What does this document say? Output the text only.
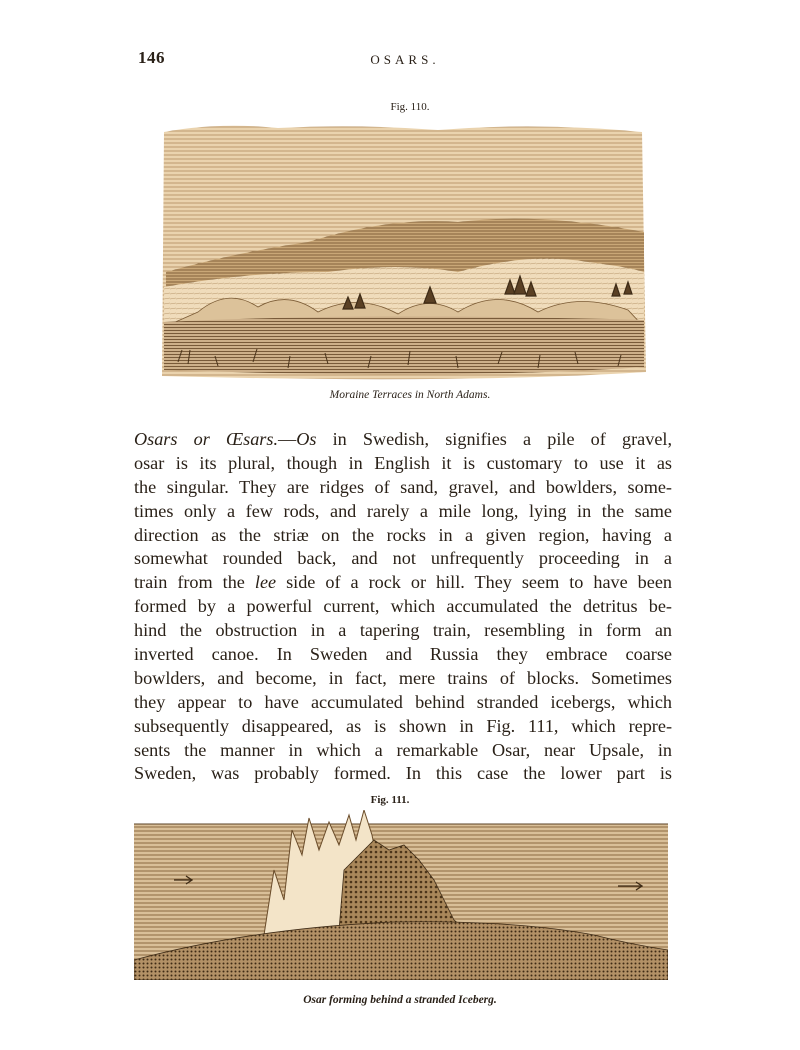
146	OSARS.
Fig. 110.
Moraine Terraces in North Adams.
Osars or Œsars.—Os in Swedish, signifies a pile of gravel,
osar is its plural, though in English it is customary to use it as
the singular. They are ridges of sand, gravel, and bowlders, some-
times only a few rods, and rarely a mile long, lying in the same
direction as the striæ on the rocks in a given region, having a
somewhat rounded back, and not unfrequently proceeding in a
train from the lee side of a rock or hill. They seem to have been
formed by a powerful current, which accumulated the detritus be-
hind the obstruction in a tapering train, resembling in form an
inverted canoe. In Sweden and Russia they embrace coarse
bowlders, and become, in fact, mere trains of blocks. Sometimes
they appear to have accumulated behind stranded icebergs, which
subsequently disappeared, as is shown in Fig. 111, which repre-
sents the manner in which a remarkable Osar, near Upsale, in
Sweden, was probably formed. In this case the lower part is
Fig. 111.
Osar forming behind a stranded Iceberg.
